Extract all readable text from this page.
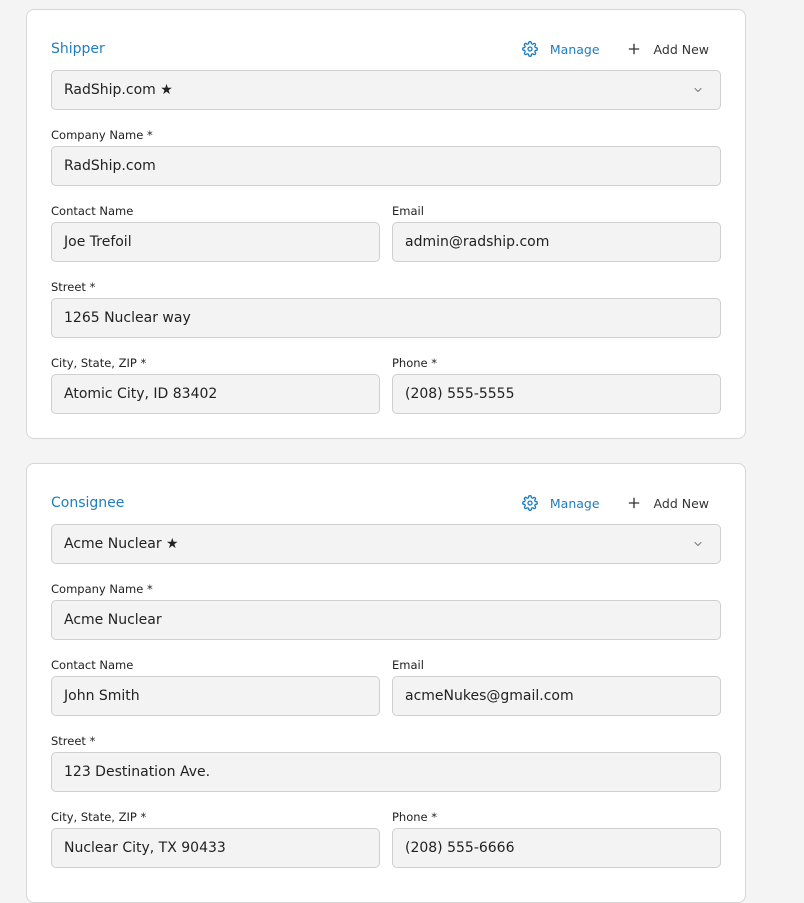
Shipper	Manage	Add New
RadShip.com ★
Company Name *
RadShip.com
Contact Name
Joe Trefoil
Email
admin@radship.com
Street *
1265 Nuclear way
City, State, ZIP *
Atomic City, ID 83402
Phone *
(208) 555-5555
Consignee	Manage	Add New
Acme Nuclear ★
Company Name *
Acme Nuclear
Contact Name
John Smith
Email
acmeNukes@gmail.com
Street *
123 Destination Ave.
City, State, ZIP *
Nuclear City, TX 90433
Phone *
(208) 555-6666
